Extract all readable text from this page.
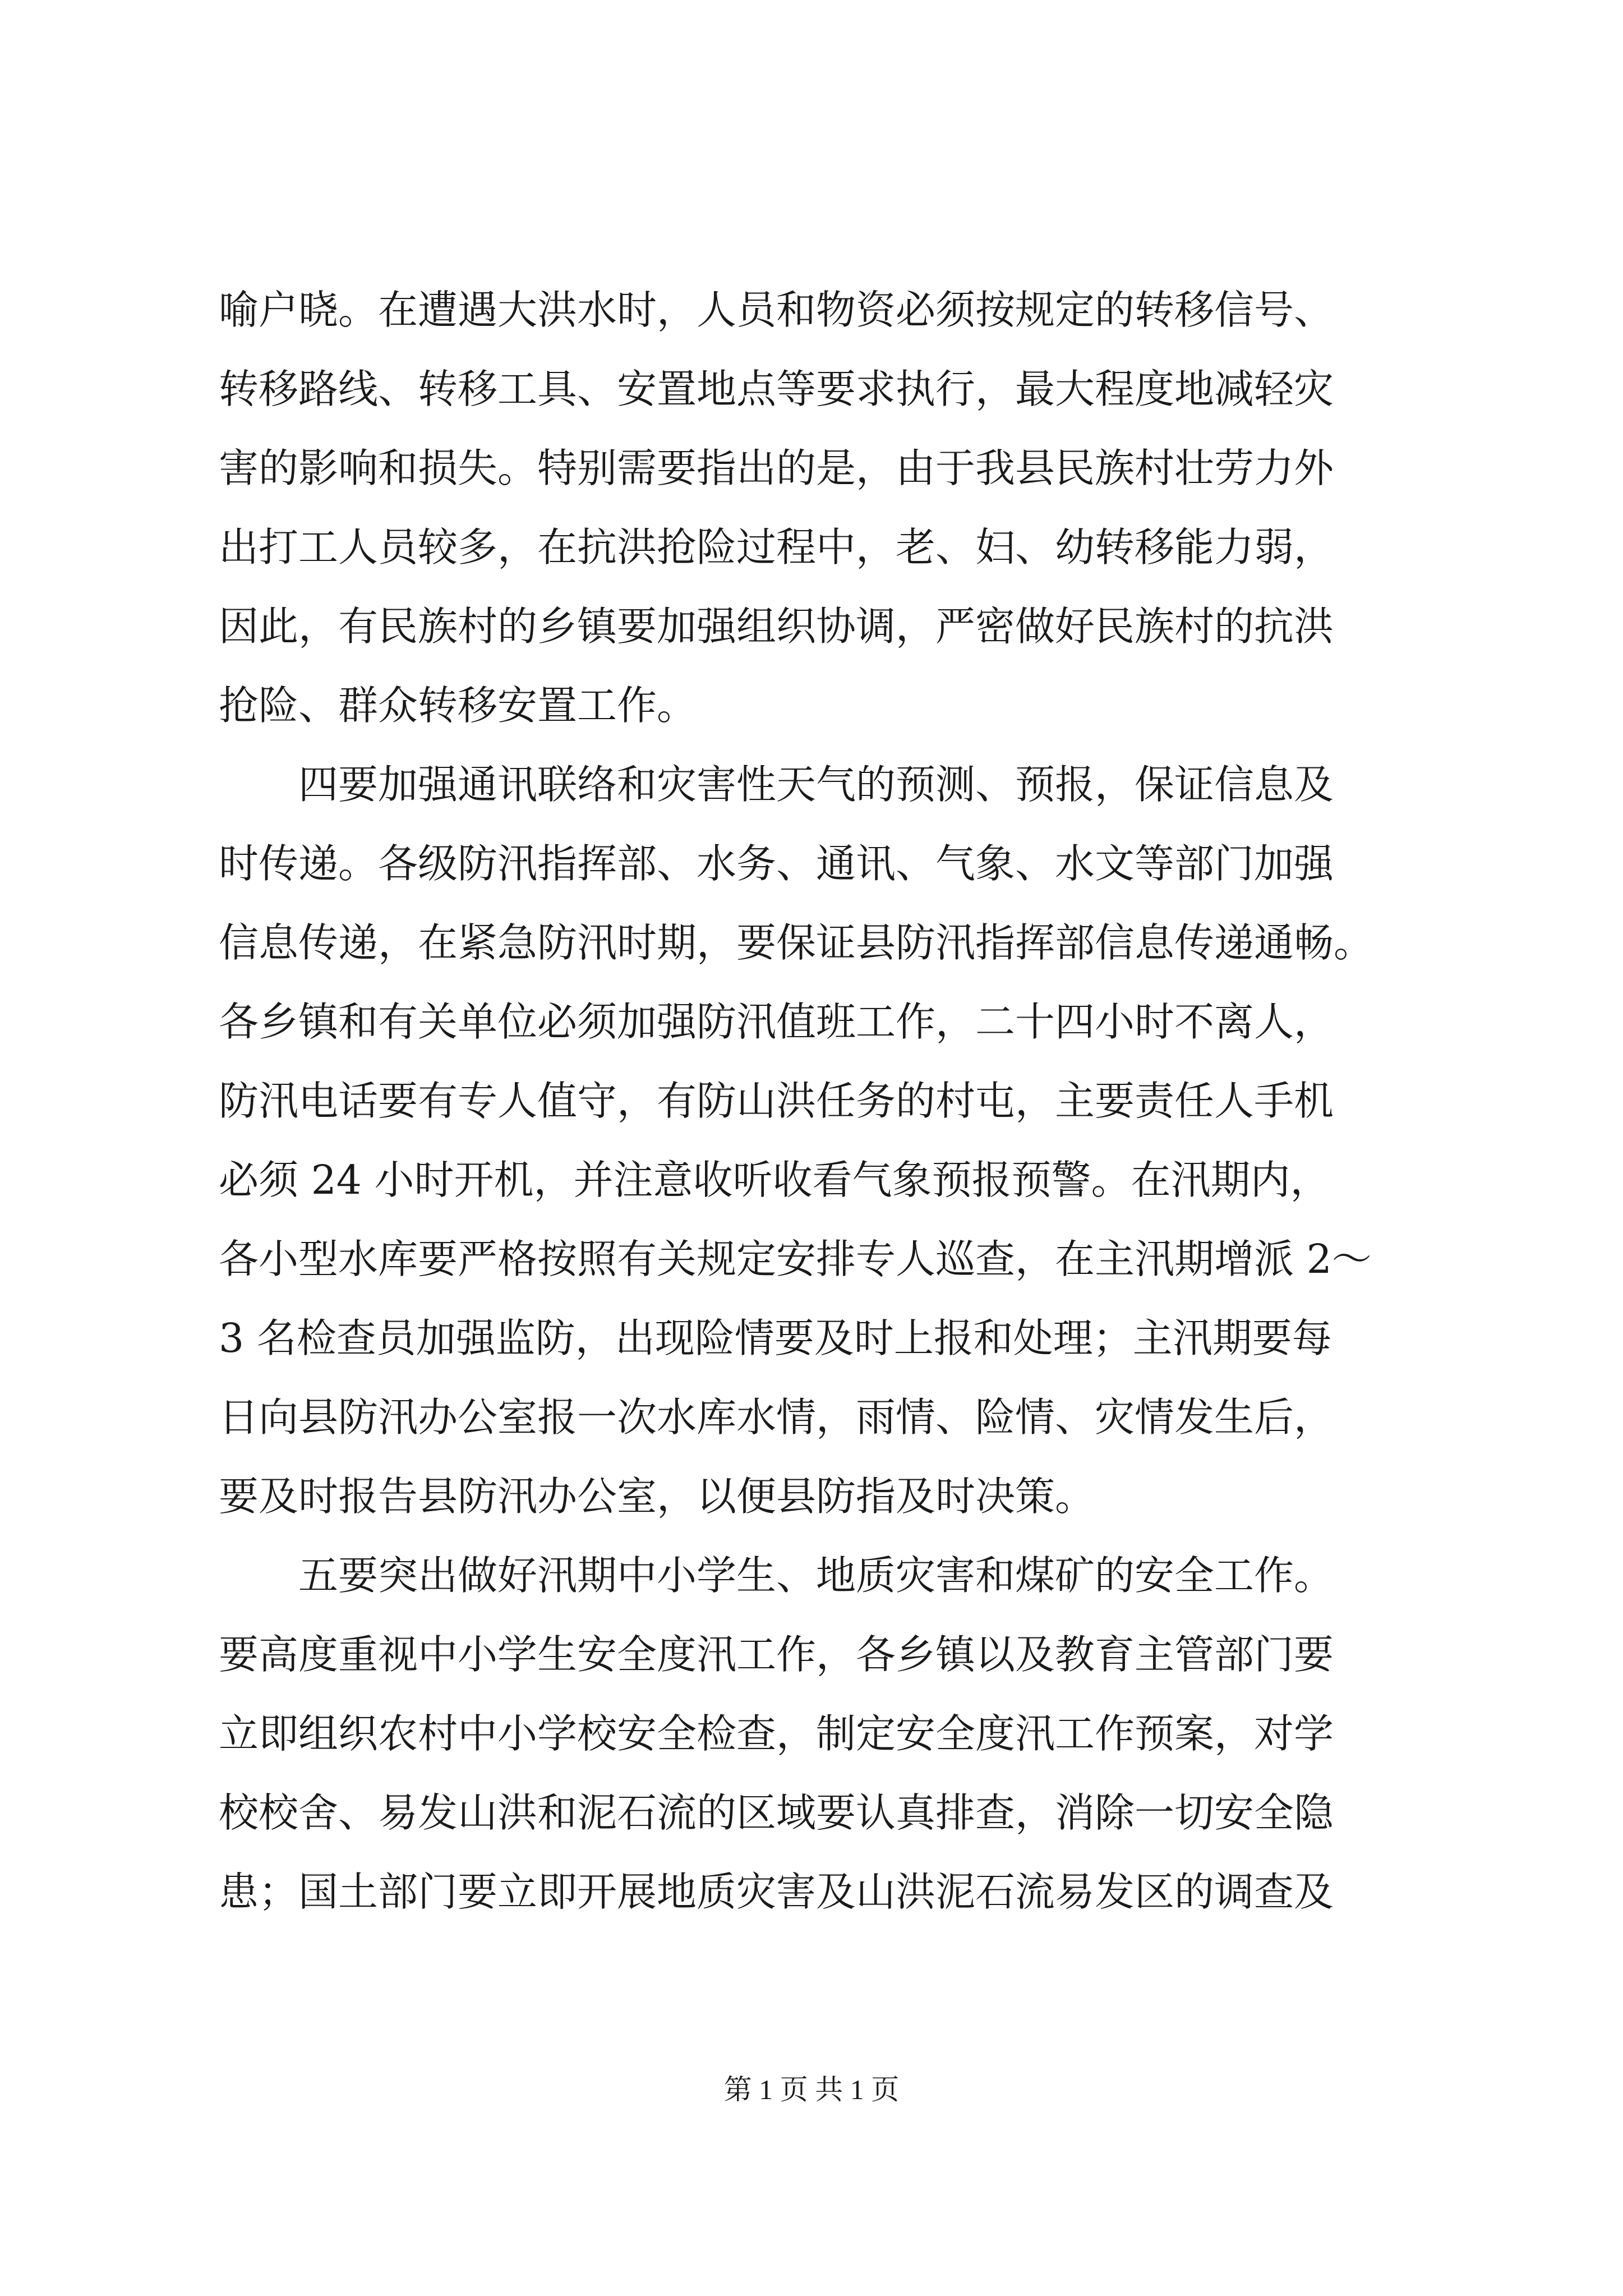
喻户晓。在遭遇大洪水时，人员和物资必须按规定的转移信号、
转移路线、转移工具、安置地点等要求执行，最大程度地减轻灾
害的影响和损失。特别需要指出的是，由于我县民族村壮劳力外
出打工人员较多，在抗洪抢险过程中，老、妇、幼转移能力弱，
因此，有民族村的乡镇要加强组织协调，严密做好民族村的抗洪
抢险、群众转移安置工作。
　　四要加强通讯联络和灾害性天气的预测、预报，保证信息及
时传递。各级防汛指挥部、水务、通讯、气象、水文等部门加强
信息传递，在紧急防汛时期，要保证县防汛指挥部信息传递通畅。
各乡镇和有关单位必须加强防汛值班工作，二十四小时不离人，
防汛电话要有专人值守，有防山洪任务的村屯，主要责任人手机
必须 24 小时开机，并注意收听收看气象预报预警。在汛期内，
各小型水库要严格按照有关规定安排专人巡查，在主汛期增派 2～
3 名检查员加强监防，出现险情要及时上报和处理；主汛期要每
日向县防汛办公室报一次水库水情，雨情、险情、灾情发生后，
要及时报告县防汛办公室，以便县防指及时决策。
　　五要突出做好汛期中小学生、地质灾害和煤矿的安全工作。
要高度重视中小学生安全度汛工作，各乡镇以及教育主管部门要
立即组织农村中小学校安全检查，制定安全度汛工作预案，对学
校校舍、易发山洪和泥石流的区域要认真排查，消除一切安全隐
患；国土部门要立即开展地质灾害及山洪泥石流易发区的调查及
第 1 页 共 1 页
